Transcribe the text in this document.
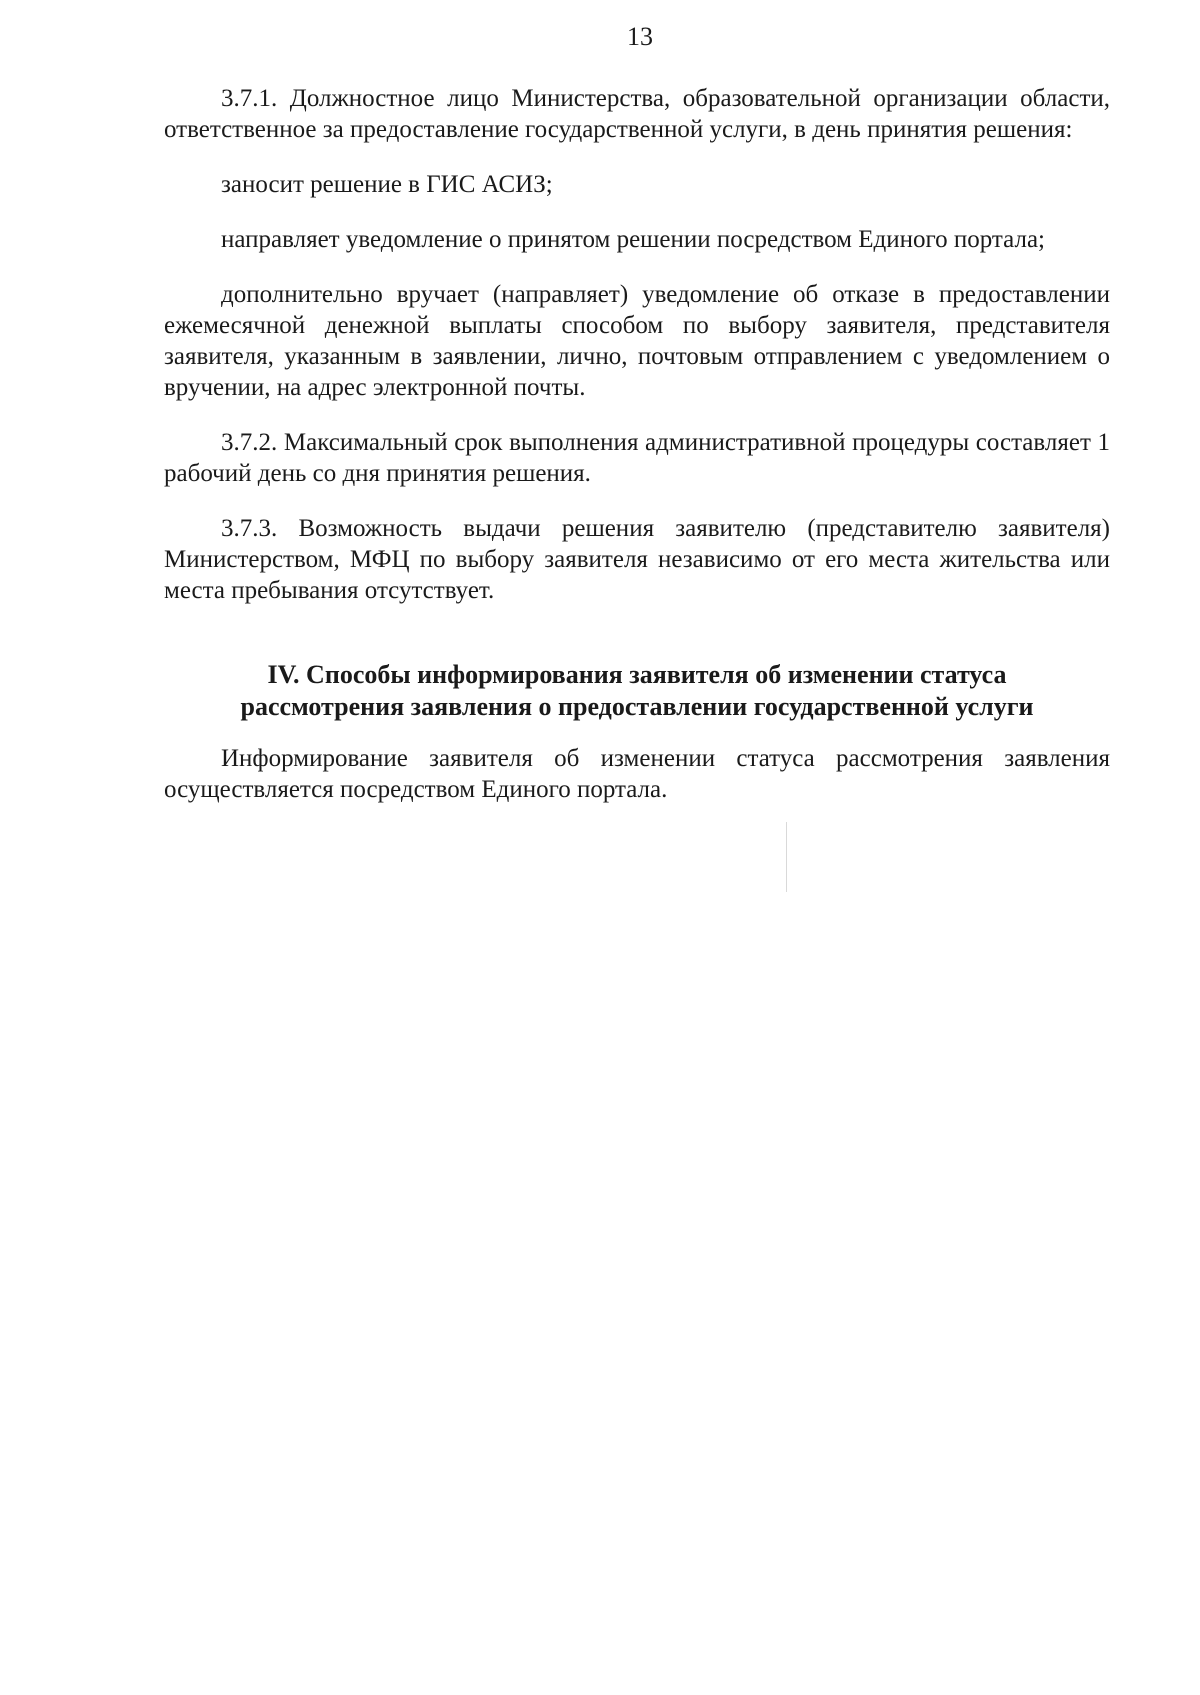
13

3.7.1. Должностное лицо Министерства, образовательной организации области, ответственное за предоставление государственной услуги, в день принятия решения:

заносит решение в ГИС АСИЗ;

направляет уведомление о принятом решении посредством Единого портала;

дополнительно вручает (направляет) уведомление об отказе в предоставлении ежемесячной денежной выплаты способом по выбору заявителя, представителя заявителя, указанным в заявлении, лично, почтовым отправлением с уведомлением о вручении, на адрес электронной почты.

3.7.2. Максимальный срок выполнения административной процедуры составляет 1 рабочий день со дня принятия решения.

3.7.3. Возможность выдачи решения заявителю (представителю заявителя) Министерством, МФЦ по выбору заявителя независимо от его места жительства или места пребывания отсутствует.

IV. Способы информирования заявителя об изменении статуса
рассмотрения заявления о предоставлении государственной услуги

Информирование заявителя об изменении статуса рассмотрения заявления осуществляется посредством Единого портала.
